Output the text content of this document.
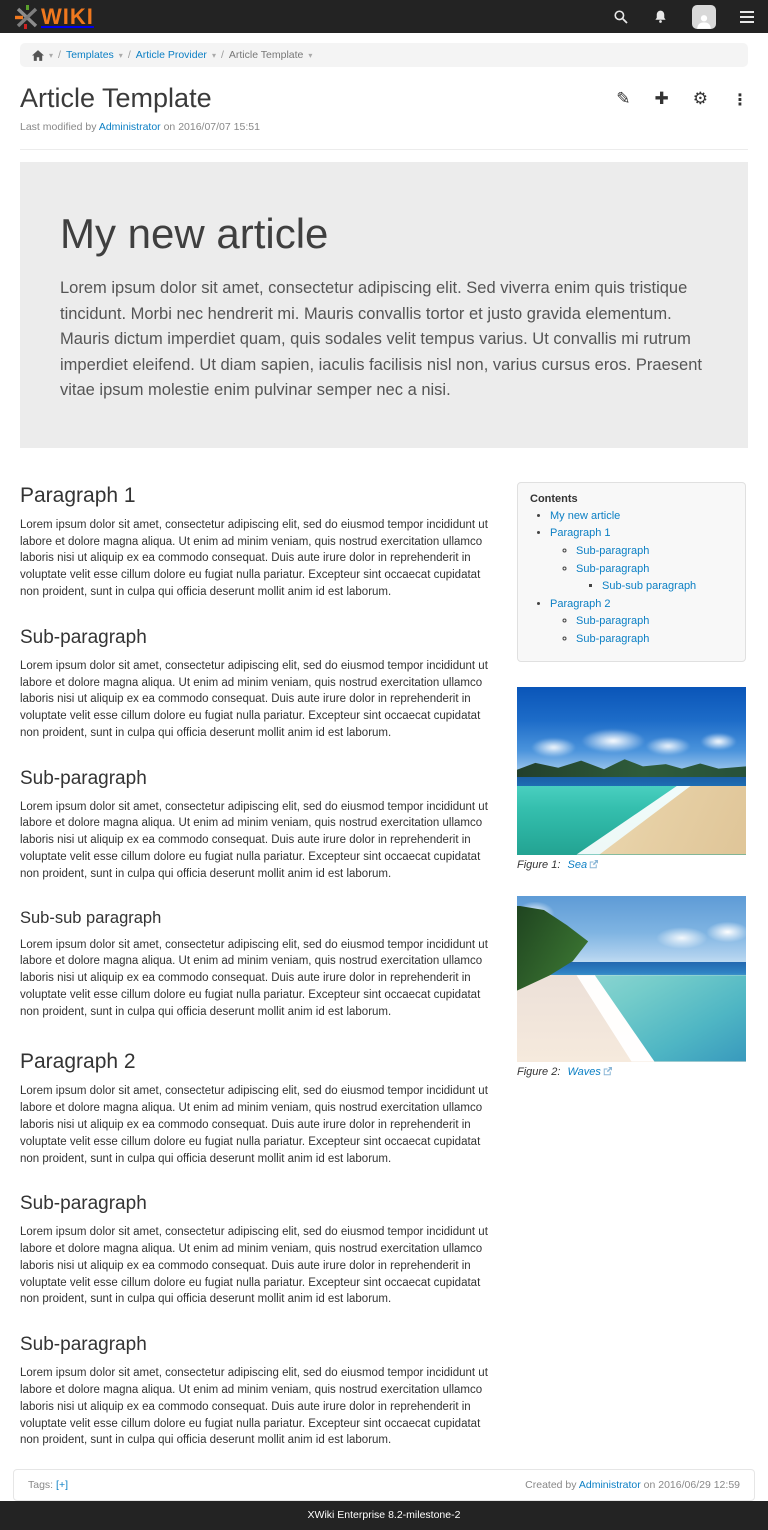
WIKI
▾ / Templates ▾ / Article Provider ▾ / Article Template ▾
Article Template
Last modified by Administrator on 2016/07/07 15:51
✎ ✚ ⚙ ⋮
My new article

Lorem ipsum dolor sit amet, consectetur adipiscing elit. Sed viverra enim quis tristique tincidunt. Morbi nec hendrerit mi. Mauris convallis tortor et justo gravida elementum. Mauris dictum imperdiet quam, quis sodales velit tempus varius. Ut convallis mi rutrum imperdiet eleifend. Ut diam sapien, iaculis facilisis nisl non, varius cursus eros. Praesent vitae ipsum molestie enim pulvinar semper nec a nisi.

Paragraph 1

Lorem ipsum dolor sit amet, consectetur adipiscing elit, sed do eiusmod tempor incididunt ut labore et dolore magna aliqua. Ut enim ad minim veniam, quis nostrud exercitation ullamco laboris nisi ut aliquip ex ea commodo consequat. Duis aute irure dolor in reprehenderit in voluptate velit esse cillum dolore eu fugiat nulla pariatur. Excepteur sint occaecat cupidatat non proident, sunt in culpa qui officia deserunt mollit anim id est laborum.

Sub-paragraph

Lorem ipsum dolor sit amet, consectetur adipiscing elit, sed do eiusmod tempor incididunt ut labore et dolore magna aliqua. Ut enim ad minim veniam, quis nostrud exercitation ullamco laboris nisi ut aliquip ex ea commodo consequat. Duis aute irure dolor in reprehenderit in voluptate velit esse cillum dolore eu fugiat nulla pariatur. Excepteur sint occaecat cupidatat non proident, sunt in culpa qui officia deserunt mollit anim id est laborum.

Sub-paragraph

Lorem ipsum dolor sit amet, consectetur adipiscing elit, sed do eiusmod tempor incididunt ut labore et dolore magna aliqua. Ut enim ad minim veniam, quis nostrud exercitation ullamco laboris nisi ut aliquip ex ea commodo consequat. Duis aute irure dolor in reprehenderit in voluptate velit esse cillum dolore eu fugiat nulla pariatur. Excepteur sint occaecat cupidatat non proident, sunt in culpa qui officia deserunt mollit anim id est laborum.

Sub-sub paragraph

Lorem ipsum dolor sit amet, consectetur adipiscing elit, sed do eiusmod tempor incididunt ut labore et dolore magna aliqua. Ut enim ad minim veniam, quis nostrud exercitation ullamco laboris nisi ut aliquip ex ea commodo consequat. Duis aute irure dolor in reprehenderit in voluptate velit esse cillum dolore eu fugiat nulla pariatur. Excepteur sint occaecat cupidatat non proident, sunt in culpa qui officia deserunt mollit anim id est laborum.

Paragraph 2

Lorem ipsum dolor sit amet, consectetur adipiscing elit, sed do eiusmod tempor incididunt ut labore et dolore magna aliqua. Ut enim ad minim veniam, quis nostrud exercitation ullamco laboris nisi ut aliquip ex ea commodo consequat. Duis aute irure dolor in reprehenderit in voluptate velit esse cillum dolore eu fugiat nulla pariatur. Excepteur sint occaecat cupidatat non proident, sunt in culpa qui officia deserunt mollit anim id est laborum.

Sub-paragraph

Lorem ipsum dolor sit amet, consectetur adipiscing elit, sed do eiusmod tempor incididunt ut labore et dolore magna aliqua. Ut enim ad minim veniam, quis nostrud exercitation ullamco laboris nisi ut aliquip ex ea commodo consequat. Duis aute irure dolor in reprehenderit in voluptate velit esse cillum dolore eu fugiat nulla pariatur. Excepteur sint occaecat cupidatat non proident, sunt in culpa qui officia deserunt mollit anim id est laborum.

Sub-paragraph

Lorem ipsum dolor sit amet, consectetur adipiscing elit, sed do eiusmod tempor incididunt ut labore et dolore magna aliqua. Ut enim ad minim veniam, quis nostrud exercitation ullamco laboris nisi ut aliquip ex ea commodo consequat. Duis aute irure dolor in reprehenderit in voluptate velit esse cillum dolore eu fugiat nulla pariatur. Excepteur sint occaecat cupidatat non proident, sunt in culpa qui officia deserunt mollit anim id est laborum.

Contents
• My new article
• Paragraph 1
◦ Sub-paragraph
◦ Sub-paragraph
▪ Sub-sub paragraph
• Paragraph 2
◦ Sub-paragraph
◦ Sub-paragraph
Figure 1:
Sea
Figure 2:
Waves
Tags: [+]	Created by Administrator on 2016/06/29 12:59
XWiki Enterprise 8.2-milestone-2
